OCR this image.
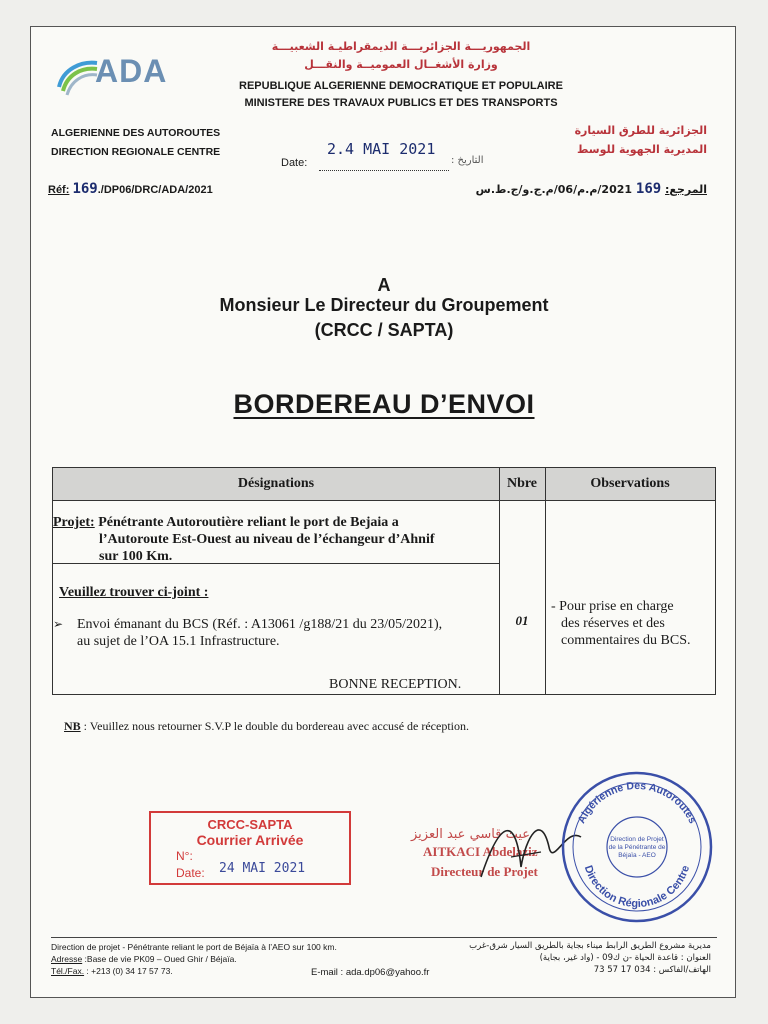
ADA
الجمهوريـــة الجزائريـــة الديمقراطيـة الشعبيـــة
وزارة الأشغــال العموميــة والنقـــل
REPUBLIQUE ALGERIENNE DEMOCRATIQUE ET POPULAIRE
MINISTERE DES TRAVAUX PUBLICS ET DES TRANSPORTS
ALGERIENNE DES AUTOROUTES
DIRECTION REGIONALE CENTRE
الجزائرية للطرق السيارة
المديرية الجهوية للوسط
Date:
2.4 MAI 2021
التاريخ :
Réf: 169./DP06/DRC/ADA/2021	المرجع: 169 2021/م.م/06/م.ج.و/ج.ط.س
A
Monsieur Le Directeur du Groupement
(CRCC / SAPTA)
BORDEREAU D’ENVOI
Désignations	Nbre	Observations
Projet: Pénétrante Autoroutière reliant le port de Bejaia a
l’Autoroute Est-Ouest au niveau de l’échangeur d’Ahnif
sur 100 Km.
Veuillez trouver ci-joint :
➢ Envoi émanant du BCS (Réf. : A13061 /g188/21 du 23/05/2021),
au sujet de l’OA 15.1 Infrastructure.
BONNE RECEPTION.
01
- Pour prise en charge
des réserves et des
commentaires du BCS.
NB : Veuillez nous retourner S.V.P le double du bordereau avec accusé de réception.
CRCC-SAPTA
Courrier Arrivée
N°:
Date: 24 MAI 2021
عيت قاسي عبد العزيز
AITKACI Abdelaziz
Directeur de Projet
Algérienne Des Autoroutes
Direction Régionale Centre
Direction de Projet
de la Pénétrante de
Béjaïa - AEO
Direction de projet - Pénétrante reliant le port de Béjaïa à l’AEO sur 100 km.
Adresse :Base de vie PK09 – Oued Ghir / Béjaïa.
Tél./Fax. : +213 (0) 34 17 57 73.	E-mail : ada.dp06@yahoo.fr
مديرية مشروع الطريق الرابط ميناء بجاية بالطريق السيار شرق-غرب
العنوان : قاعدة الحياة -ن ك09 - (واد غير، بجاية)
الهاتف/الفاكس : 034 17 57 73
